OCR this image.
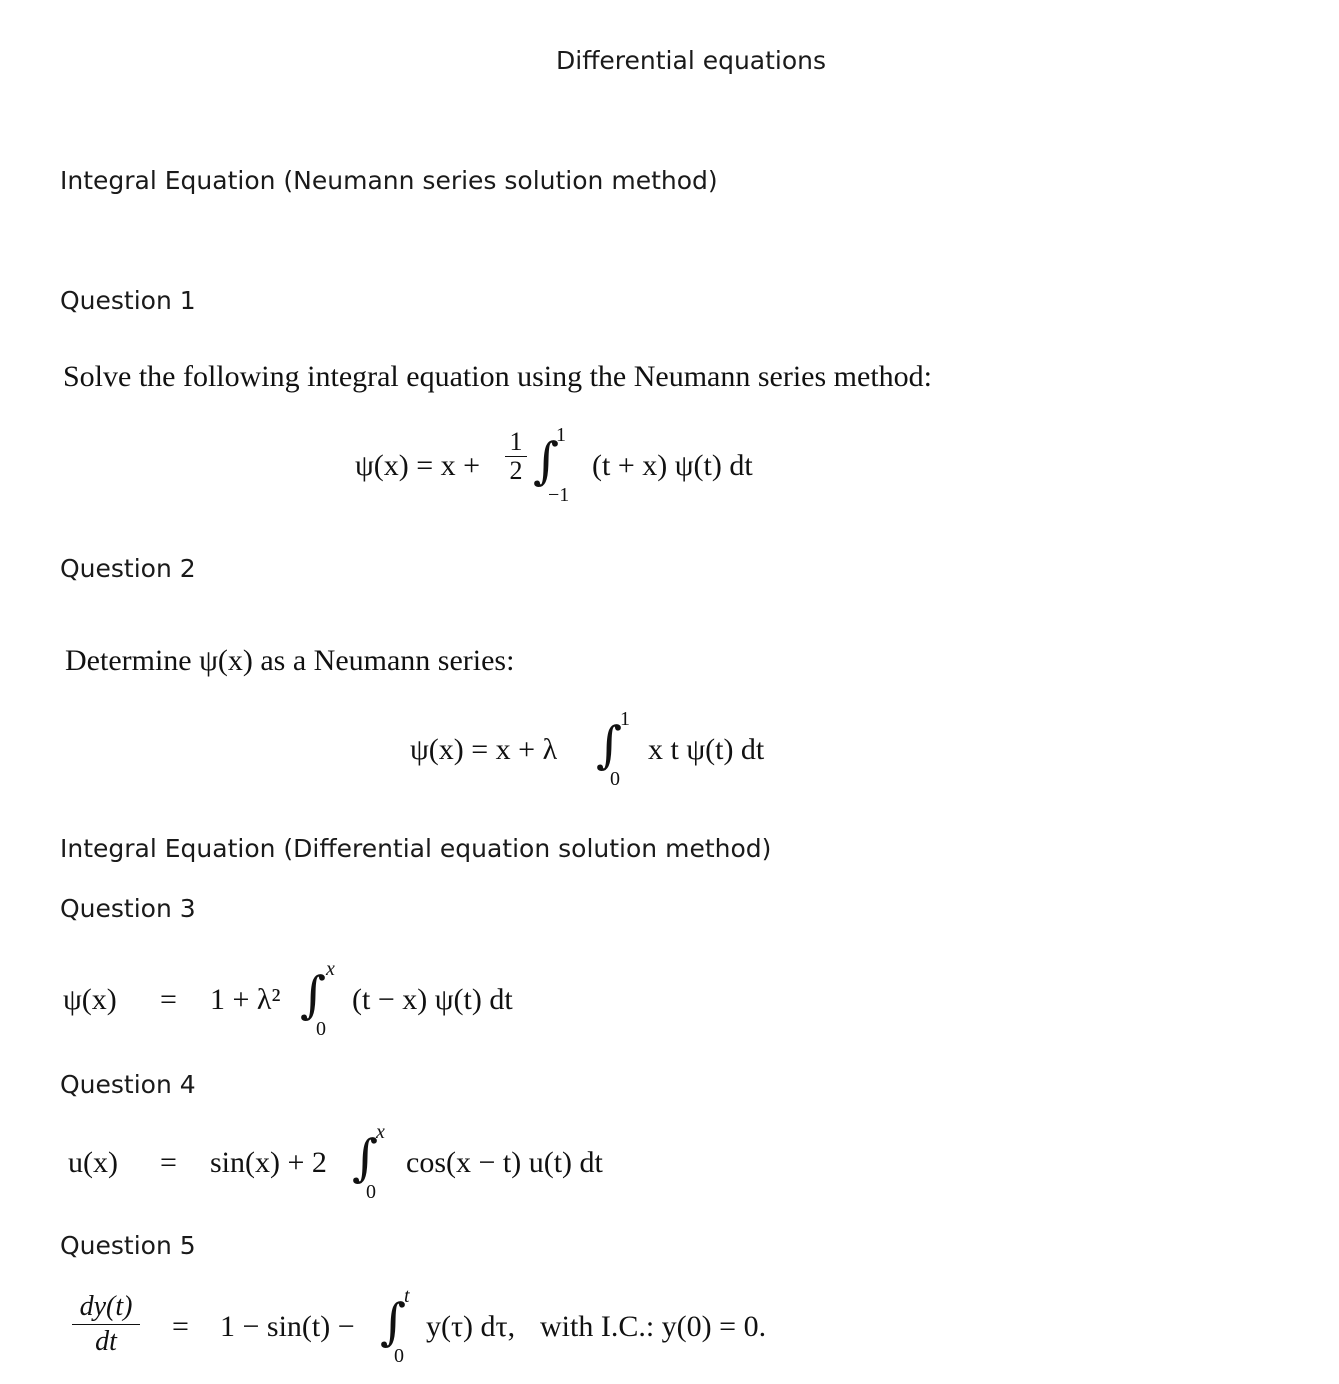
Differential equations
Integral Equation (Neumann series solution method)
Question 1
Solve the following integral equation using the Neumann series method:
ψ(x) = x +
1
2 ∫
1
−1
(t + x) ψ(t) dt
Question 2
Determine ψ(x) as a Neumann series:
ψ(x) = x + λ ∫
1
0
x t ψ(t) dt
Integral Equation (Differential equation solution method)
Question 3
ψ(x) = 1 + λ² ∫ x
0
(t − x) ψ(t) dt
Question 4
u(x) = sin(x) + 2 ∫
x
0
cos(x − t) u(t) dt
Question 5
dy(t)
dt	= 1 − sin(t) − ∫
t
0
y(τ) dτ, with I.C.: y(0) = 0.
